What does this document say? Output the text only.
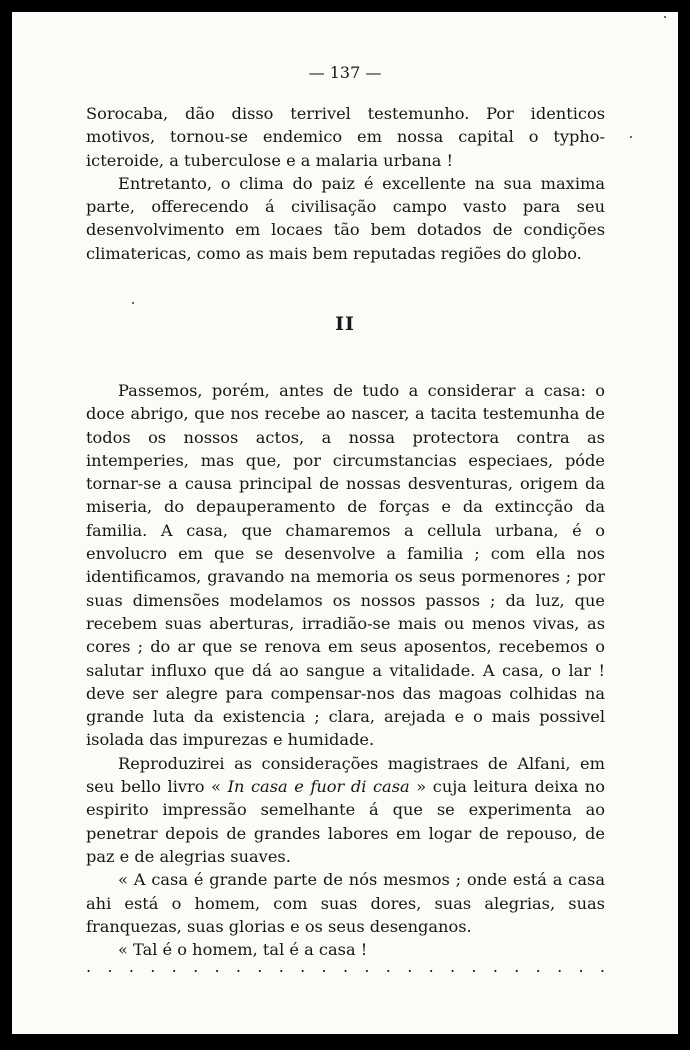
— 137 —

Sorocaba, dão disso terrivel testemunho. Por identicos motivos, tornou-se endemico em nossa capital o typho-icteroide, a tuberculose e a malaria urbana !

Entretanto, o clima do paiz é excellente na sua maxima parte, offerecendo á civilisação campo vasto para seu desenvolvimento em locaes tão bem dotados de condições climatericas, como as mais bem reputadas regiões do globo.

II

Passemos, porém, antes de tudo a considerar a casa: o doce abrigo, que nos recebe ao nascer, a tacita testemunha de todos os nossos actos, a nossa protectora contra as intemperies, mas que, por circumstancias especiaes, póde tornar-se a causa principal de nossas desventuras, origem da miseria, do depauperamento de forças e da extincção da familia. A casa, que chamaremos a cellula urbana, é o envolucro em que se desenvolve a familia ; com ella nos identificamos, gravando na memoria os seus pormenores ; por suas dimensões modelamos os nossos passos ; da luz, que recebem suas aberturas, irradião-se mais ou menos vivas, as cores ; do ar que se renova em seus aposentos, recebemos o salutar influxo que dá ao sangue a vitalidade. A casa, o lar ! deve ser alegre para compensar-nos das magoas colhidas na grande luta da existencia ; clara, arejada e o mais possivel isolada das impurezas e humidade.

Reproduzirei as considerações magistraes de Alfani, em seu bello livro « In casa e fuor di casa » cuja leitura deixa no espirito impressão semelhante á que se experimenta ao penetrar depois de grandes labores em logar de repouso, de paz e de alegrias suaves.

« A casa é grande parte de nós mesmos ; onde está a casa ahi está o homem, com suas dores, suas alegrias, suas franquezas, suas glorias e os seus desenganos.

« Tal é o homem, tal é a casa !

. . . . . . . . . . . . . . . . . . . . . . . . .
